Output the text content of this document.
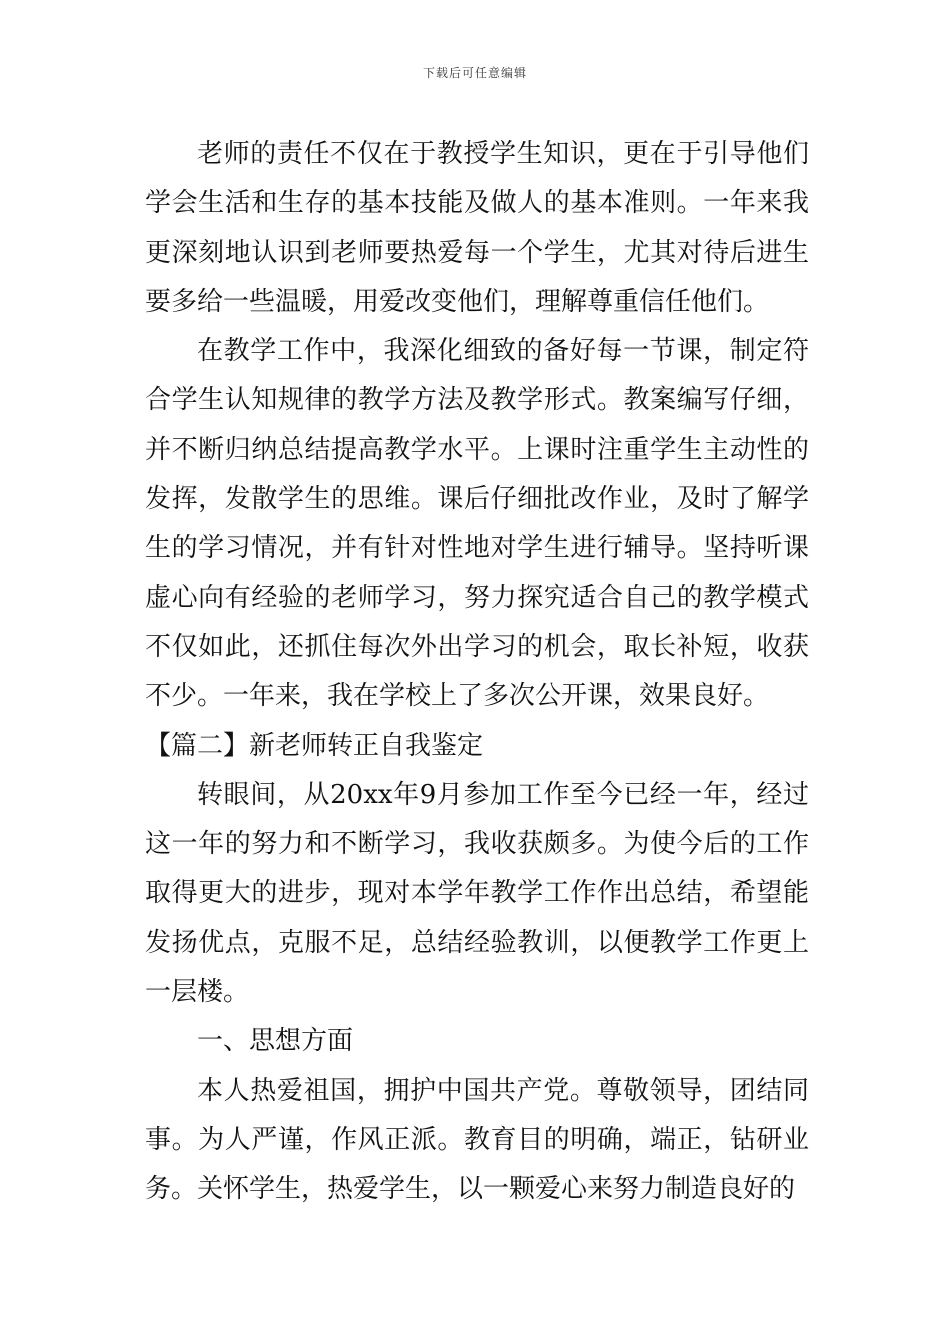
下载后可任意编辑

老师的责任不仅在于教授学生知识，更在于引导他们学会生活和生存的基本技能及做人的基本准则。一年来我更深刻地认识到老师要热爱每一个学生，尤其对待后进生要多给一些温暖，用爱改变他们，理解尊重信任他们。

在教学工作中，我深化细致的备好每一节课，制定符合学生认知规律的教学方法及教学形式。教案编写仔细，并不断归纳总结提高教学水平。上课时注重学生主动性的发挥，发散学生的思维。课后仔细批改作业，及时了解学生的学习情况，并有针对性地对学生进行辅导。坚持听课虚心向有经验的老师学习，努力探究适合自己的教学模式不仅如此，还抓住每次外出学习的机会，取长补短，收获不少。一年来，我在学校上了多次公开课，效果良好。

【篇二】新老师转正自我鉴定

转眼间，从20xx年9月参加工作至今已经一年，经过这一年的努力和不断学习，我收获颇多。为使今后的工作取得更大的进步，现对本学年教学工作作出总结，希望能发扬优点，克服不足，总结经验教训，以便教学工作更上一层楼。

一、思想方面

本人热爱祖国，拥护中国共产党。尊敬领导，团结同事。为人严谨，作风正派。教育目的明确，端正，钻研业务。关怀学生，热爱学生，以一颗爱心来努力制造良好的
